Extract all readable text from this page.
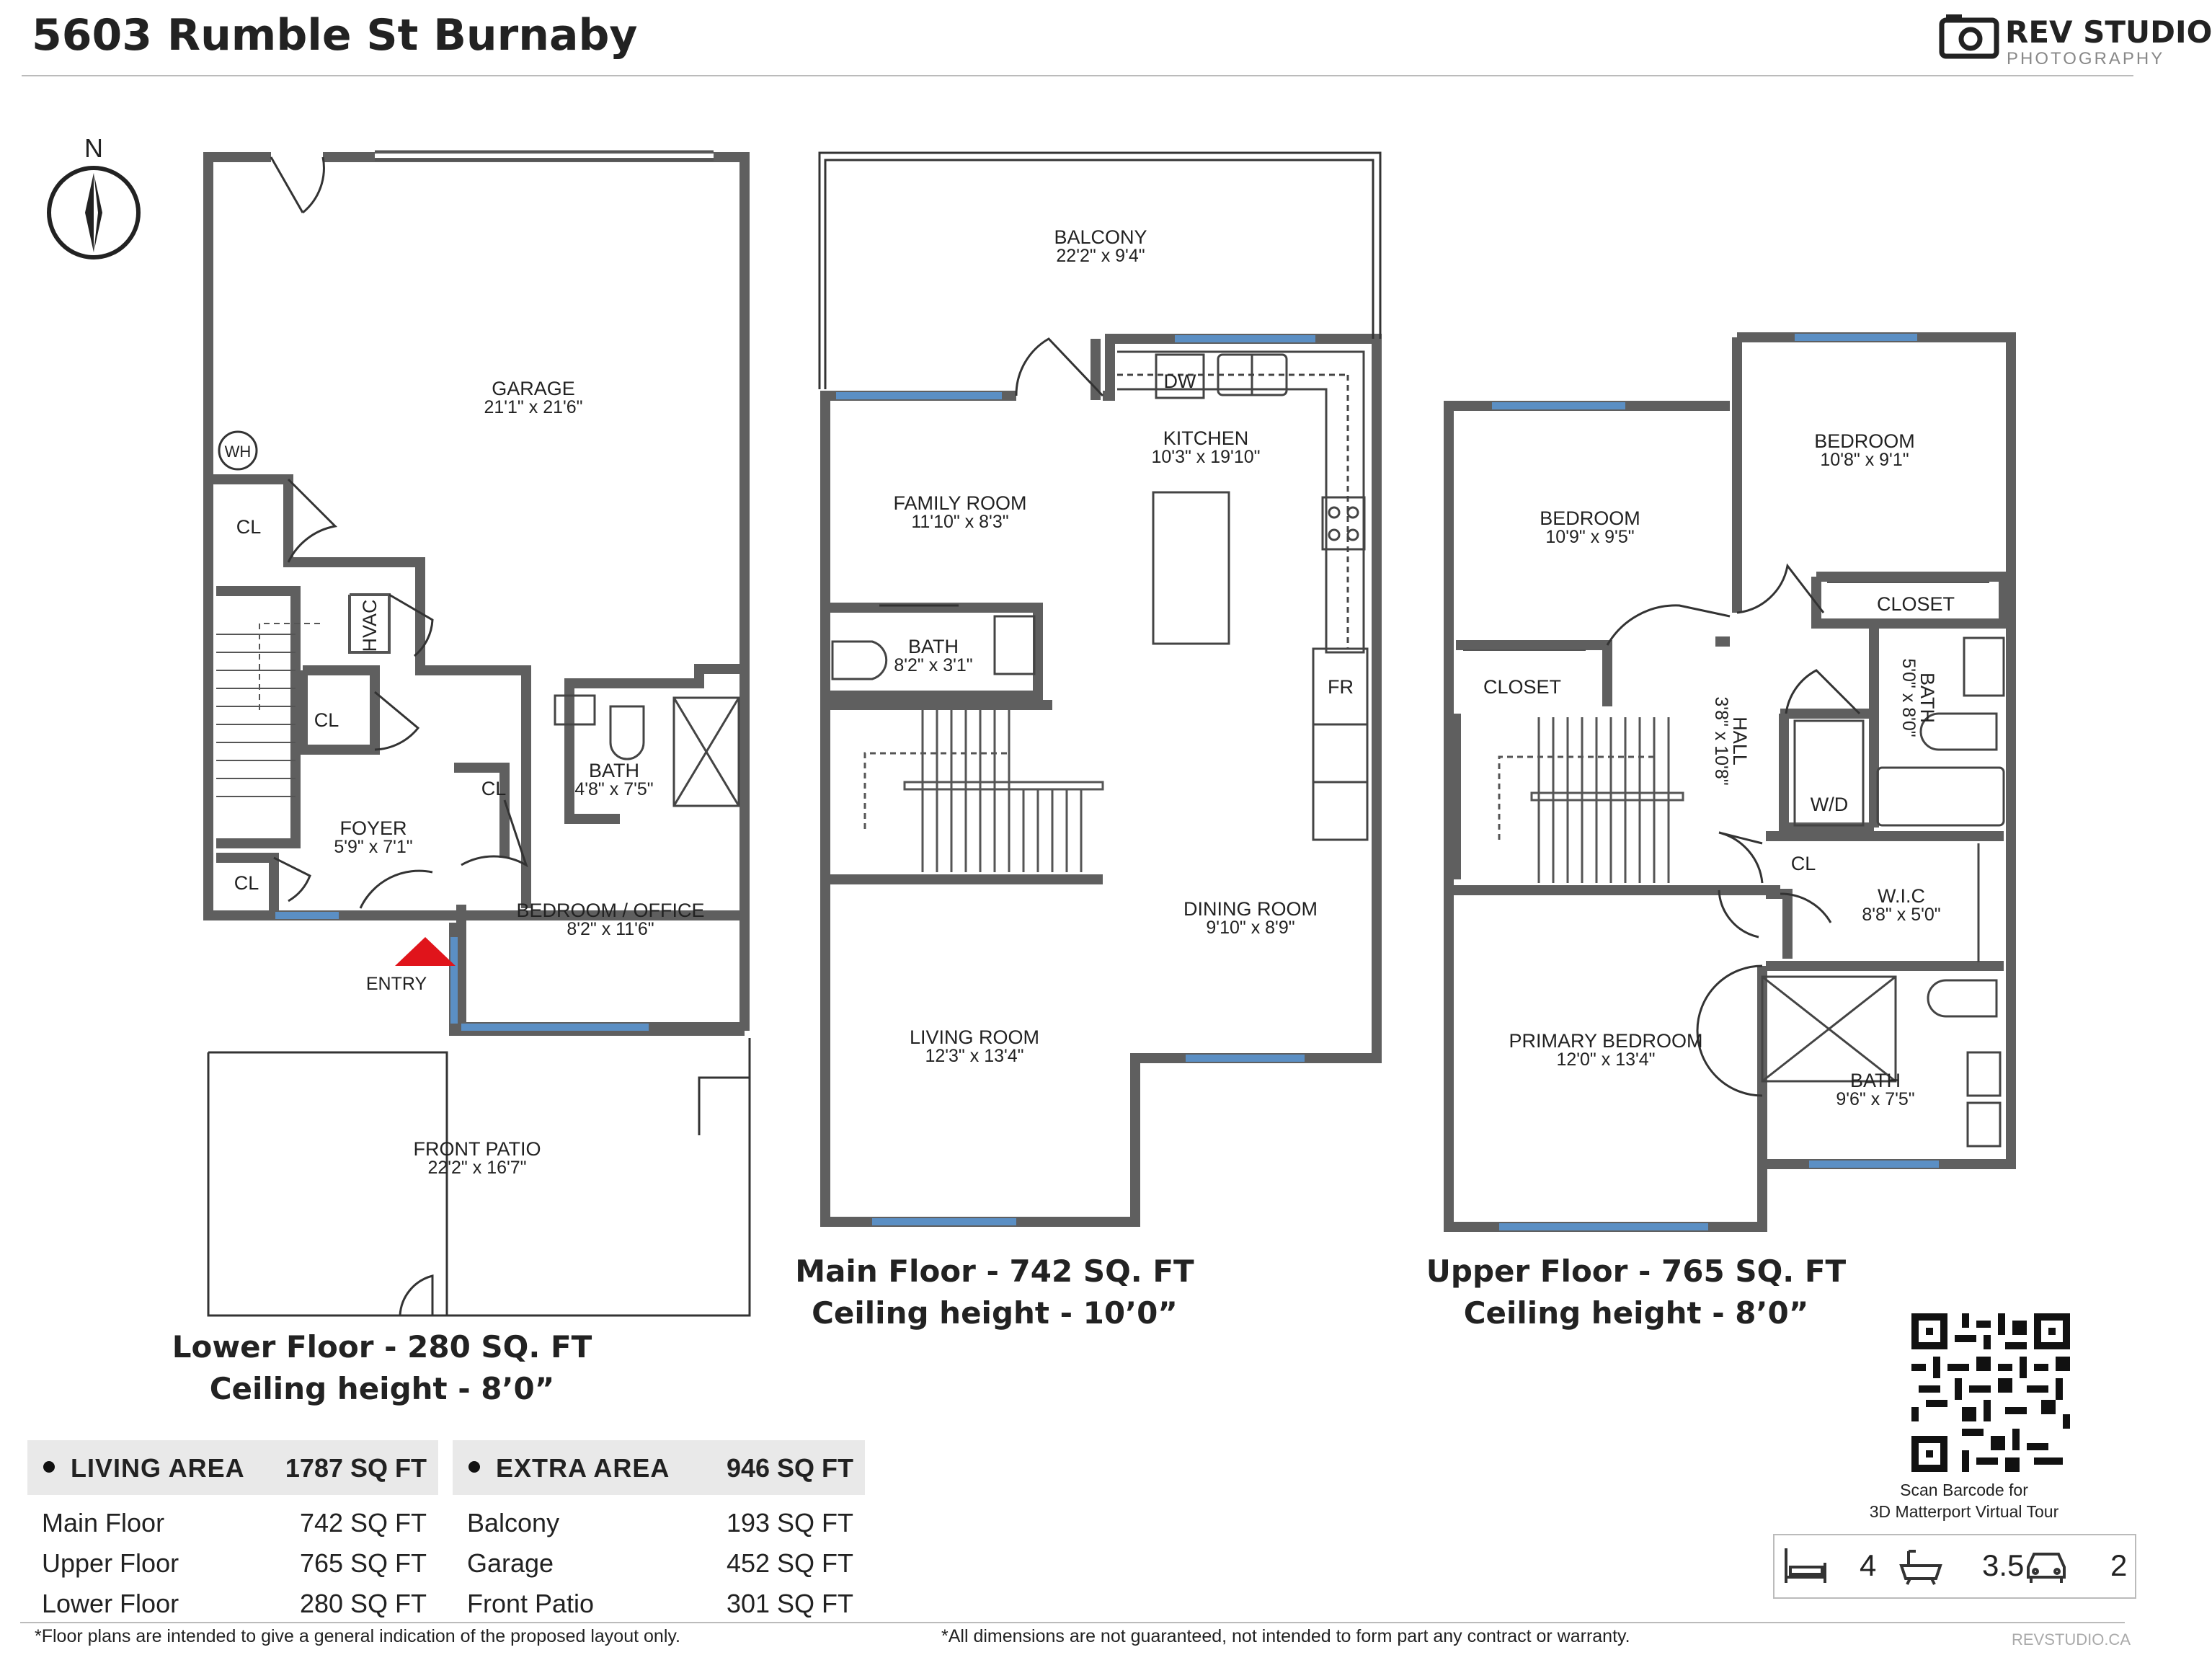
5603 Rumble St Burnaby	REV STUDIO
PHOTOGRAPHY
N
GARAGE
21'1" x 21'6"
WH
CL
HVAC
CL
CL
CL
BATH
4'8" x 7'5"
FOYER
5'9" x 7'1"
BEDROOM / OFFICE
8'2" x 11'6"
ENTRY
FRONT PATIO
22'2" x 16'7"
BALCONY
22'2" x 9'4"
DW
KITCHEN
10'3" x 19'10"
FAMILY ROOM
11'10" x 8'3"
BATH
8'2" x 3'1"
FR
DINING ROOM
9'10" x 8'9"
LIVING ROOM
12'3" x 13'4"
BEDROOM
10'9" x 9'5"
BEDROOM
10'8" x 9'1"
CLOSET
CLOSET
HALL
3'8" x 10'8"	BATH
5'0" x 8'0"
W/D
CL
W.I.C
8'8" x 5'0"
PRIMARY BEDROOM
12'0" x 13'4"
BATH
9'6" x 7'5"
Lower Floor - 280 SQ. FT
Ceiling height - 8’0”
Main Floor - 742 SQ. FT
Ceiling height - 10’0”
Upper Floor - 765 SQ. FT
Ceiling height - 8’0”
LIVING AREA 1787 SQ FT
Main Floor	742 SQ FT
Upper Floor	765 SQ FT
Lower Floor	280 SQ FT
EXTRA AREA 946 SQ FT
Balcony	193 SQ FT
Garage	452 SQ FT
Front Patio	301 SQ FT
Scan Barcode for
3D Matterport Virtual Tour
4	3.5	2
*Floor plans are intended to give a general indication of the proposed layout only.	*All dimensions are not guaranteed, not intended to form part any contract or warranty.	REVSTUDIO.CA
